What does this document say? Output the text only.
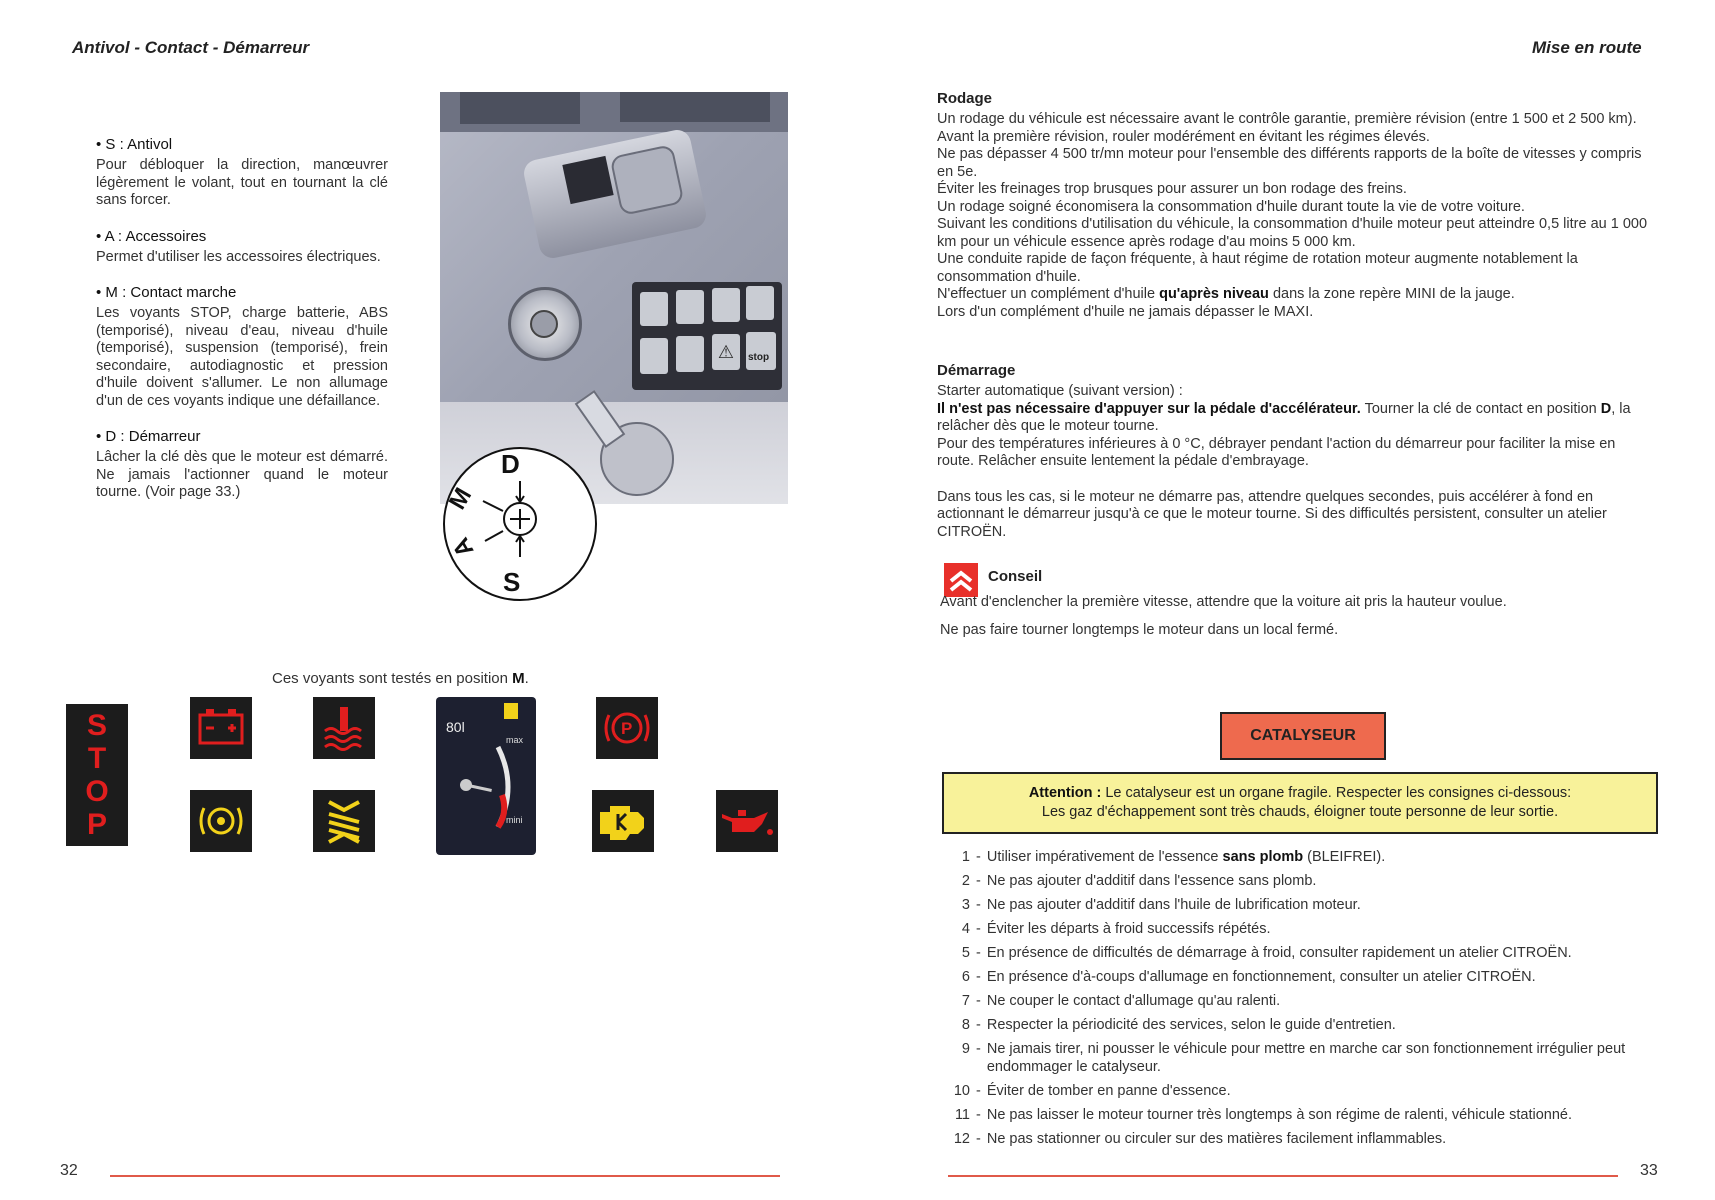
Antivol - Contact - Démarreur
• S : Antivol
Pour débloquer la direction, manœuvrer légèrement le volant, tout en tournant la clé sans forcer.
• A : Accessoires
Permet d'utiliser les accessoires électriques.
• M : Contact marche
Les voyants STOP, charge batterie, ABS (temporisé), niveau d'eau, niveau d'huile (temporisé), suspension (temporisé), frein secondaire, autodiagnostic et pression d'huile doivent s'allumer. Le non allumage d'un de ces voyants indique une défaillance.
• D : Démarreur
Lâcher la clé dès que le moteur est démarré. Ne jamais l'actionner quand le moteur tourne. (Voir page 33.)
⚠	stop
D
M
A
S
Ces voyants sont testés en position M.
S
T
O
P
80l
max
mini
P
32
Mise en route
Rodage
Un rodage du véhicule est nécessaire avant le contrôle garantie, première révision (entre 1 500 et 2 500 km).
Avant la première révision, rouler modérément en évitant les régimes élevés.
Ne pas dépasser 4 500 tr/mn moteur pour l'ensemble des différents rapports de la boîte de vitesses y compris en 5e.
Éviter les freinages trop brusques pour assurer un bon rodage des freins.
Un rodage soigné économisera la consommation d'huile durant toute la vie de votre voiture.
Suivant les conditions d'utilisation du véhicule, la consommation d'huile moteur peut atteindre 0,5 litre au 1 000 km pour un véhicule essence après rodage d'au moins 5 000 km.
Une conduite rapide de façon fréquente, à haut régime de rotation moteur augmente notablement la consommation d'huile.
N'effectuer un complément d'huile qu'après niveau dans la zone repère MINI de la jauge.
Lors d'un complément d'huile ne jamais dépasser le MAXI.
Démarrage
Starter automatique (suivant version) :
Il n'est pas nécessaire d'appuyer sur la pédale d'accélérateur. Tourner la clé de contact en position D, la relâcher dès que le moteur tourne.
Pour des températures inférieures à 0 °C, débrayer pendant l'action du démarreur pour faciliter la mise en route. Relâcher ensuite lentement la pédale d'embrayage.
Dans tous les cas, si le moteur ne démarre pas, attendre quelques secondes, puis accélérer à fond en actionnant le démarreur jusqu'à ce que le moteur tourne. Si des difficultés persistent, consulter un atelier CITROËN.
Conseil
Avant d'enclencher la première vitesse, attendre que la voiture ait pris la hauteur voulue.
Ne pas faire tourner longtemps le moteur dans un local fermé.
CATALYSEUR
Attention : Le catalyseur est un organe fragile. Respecter les consignes ci-dessous:
Les gaz d'échappement sont très chauds, éloigner toute personne de leur sortie.
1 - Utiliser impérativement de l'essence sans plomb (BLEIFREI).
2 - Ne pas ajouter d'additif dans l'essence sans plomb.
3 - Ne pas ajouter d'additif dans l'huile de lubrification moteur.
4 - Éviter les départs à froid successifs répétés.
5 - En présence de difficultés de démarrage à froid, consulter rapidement un atelier CITROËN.
6 - En présence d'à-coups d'allumage en fonctionnement, consulter un atelier CITROËN.
7 - Ne couper le contact d'allumage qu'au ralenti.
8 - Respecter la périodicité des services, selon le guide d'entretien.
9 - Ne jamais tirer, ni pousser le véhicule pour mettre en marche car son fonctionnement irrégulier peut endommager le catalyseur.
10 - Éviter de tomber en panne d'essence.
11 - Ne pas laisser le moteur tourner très longtemps à son régime de ralenti, véhicule stationné.
12 - Ne pas stationner ou circuler sur des matières facilement inflammables.
33
